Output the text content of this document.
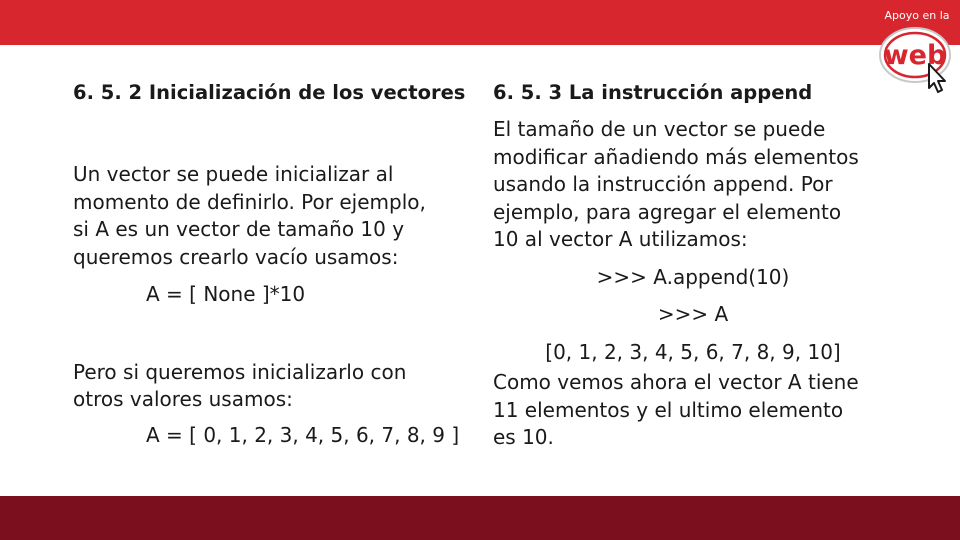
Apoyo en la
web

6. 5. 2 Inicialización de los vectores

Un vector se puede inicializar al

momento de definirlo. Por ejemplo,

si A es un vector de tamaño 10 y

queremos crearlo vacío usamos:

A = [ None ]*10

Pero si queremos inicializarlo con

otros valores usamos:

A = [ 0, 1, 2, 3, 4, 5, 6, 7, 8, 9 ]

6. 5. 3 La instrucción append

El tamaño de un vector se puede

modificar añadiendo más elementos

usando la instrucción append. Por

ejemplo, para agregar el elemento

10 al vector A utilizamos:

>>> A.append(10)

>>> A

[0, 1, 2, 3, 4, 5, 6, 7, 8, 9, 10]

Como vemos ahora el vector A tiene

11 elementos y el ultimo elemento

es 10.
